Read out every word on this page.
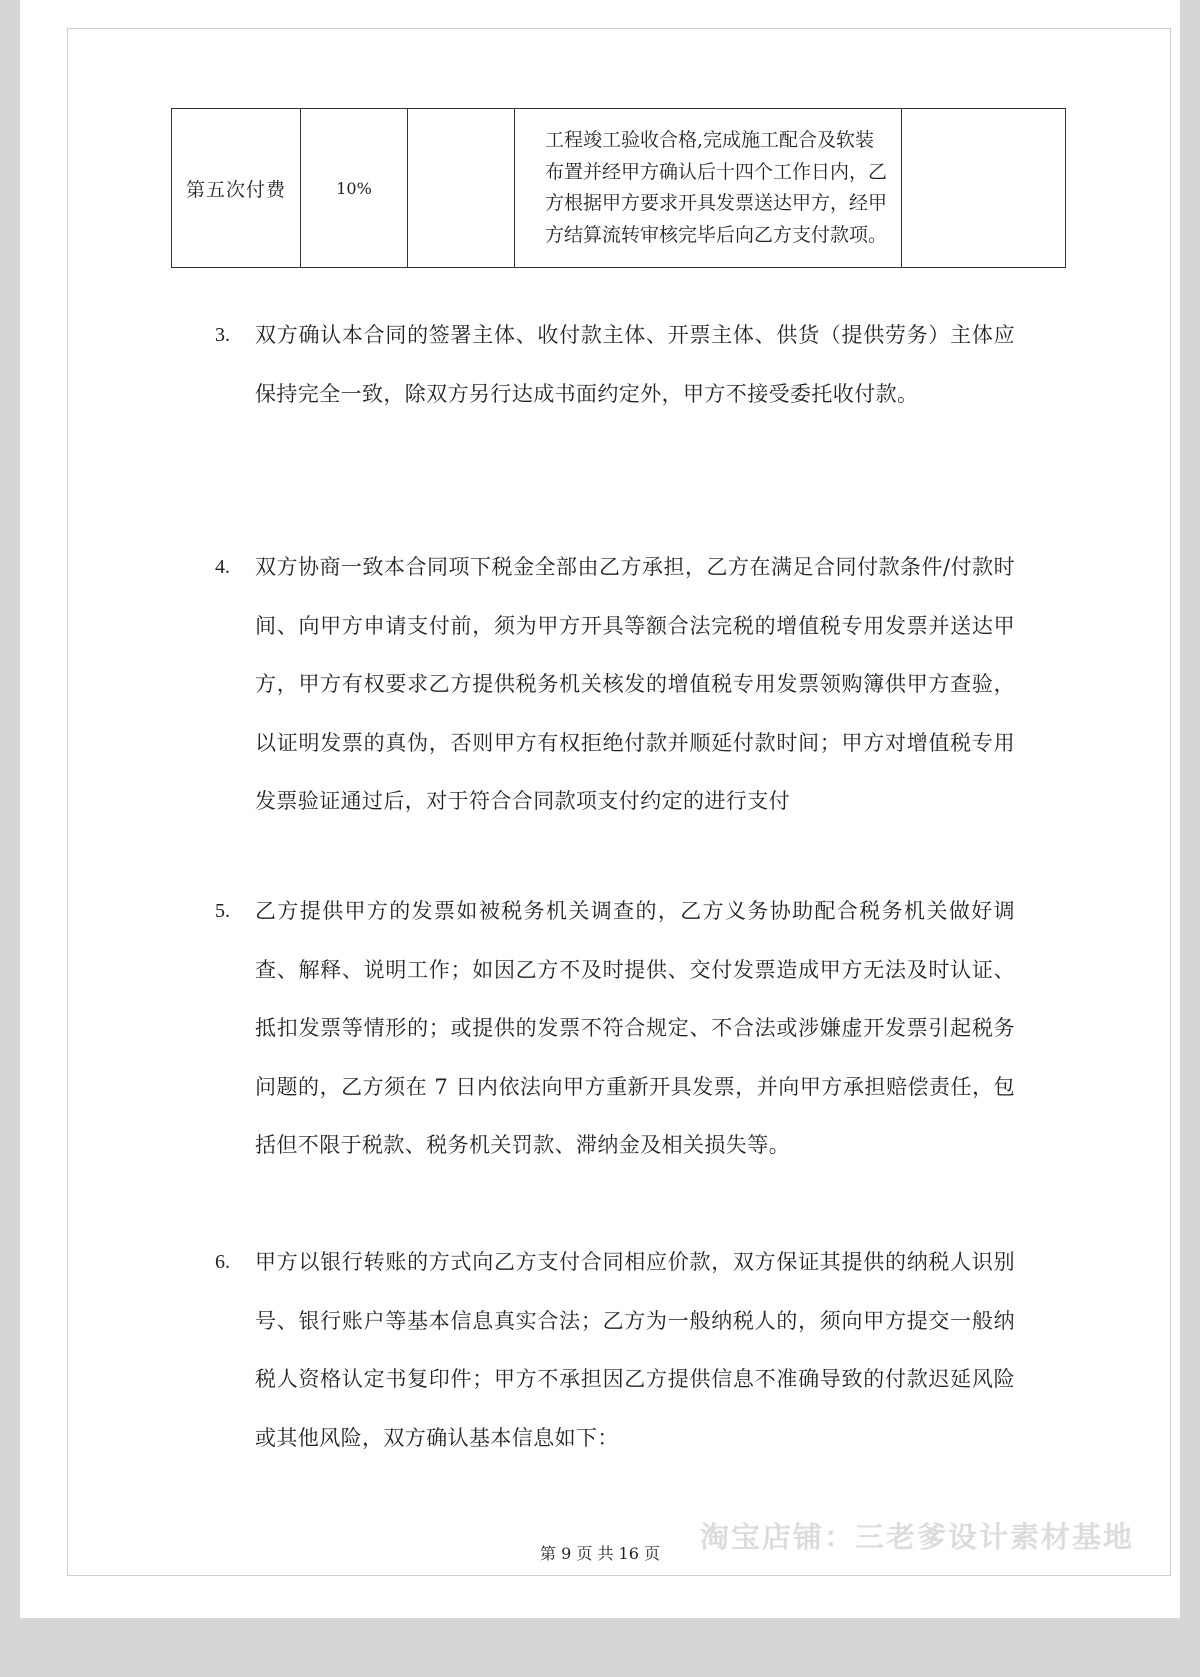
第五次付费	10%		工程竣工验收合格,完成施工配合及软装布置并经甲方确认后十四个工作日内，乙方根据甲方要求开具发票送达甲方，经甲方结算流转审核完毕后向乙方支付款项。	
3. 双方确认本合同的签署主体、收付款主体、开票主体、供货（提供劳务）主体应保持完全一致，除双方另行达成书面约定外，甲方不接受委托收付款。
4. 双方协商一致本合同项下税金全部由乙方承担，乙方在满足合同付款条件/付款时间、向甲方申请支付前，须为甲方开具等额合法完税的增值税专用发票并送达甲方，甲方有权要求乙方提供税务机关核发的增值税专用发票领购簿供甲方查验，以证明发票的真伪，否则甲方有权拒绝付款并顺延付款时间；甲方对增值税专用发票验证通过后，对于符合合同款项支付约定的进行支付
5. 乙方提供甲方的发票如被税务机关调查的，乙方义务协助配合税务机关做好调查、解释、说明工作；如因乙方不及时提供、交付发票造成甲方无法及时认证、抵扣发票等情形的；或提供的发票不符合规定、不合法或涉嫌虚开发票引起税务问题的，乙方须在 7 日内依法向甲方重新开具发票，并向甲方承担赔偿责任，包括但不限于税款、税务机关罚款、滞纳金及相关损失等。
6. 甲方以银行转账的方式向乙方支付合同相应价款，双方保证其提供的纳税人识别号、银行账户等基本信息真实合法；乙方为一般纳税人的，须向甲方提交一般纳税人资格认定书复印件；甲方不承担因乙方提供信息不准确导致的付款迟延风险或其他风险，双方确认基本信息如下：
第 9 页 共 16 页	淘宝店铺：三老爹设计素材基地
